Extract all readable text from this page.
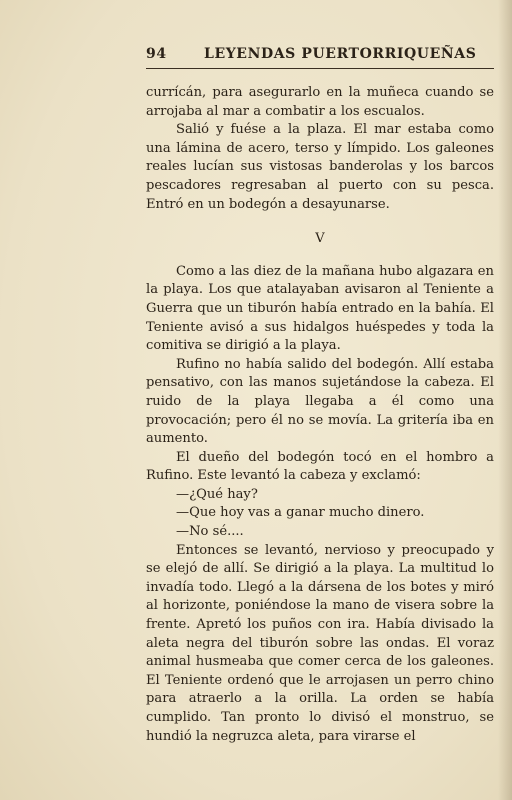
94	LEYENDAS PUERTORRIQUEÑAS

currícán, para asegurarlo en la muñeca cuando se arrojaba al mar a combatir a los escualos.

Salió y fuése a la plaza. El mar estaba como una lámina de acero, terso y límpido. Los galeones reales lucían sus vistosas banderolas y los barcos pescadores regresaban al puerto con su pesca. Entró en un bodegón a desayunarse.

V

Como a las diez de la mañana hubo algazara en la playa. Los que atalayaban avisaron al Teniente a Guerra que un tiburón había entrado en la bahía. El Teniente avisó a sus hidalgos huéspedes y toda la comitiva se dirigió a la playa.

Rufino no había salido del bodegón. Allí estaba pensativo, con las manos sujetándose la cabeza. El ruido de la playa llegaba a él como una provocación; pero él no se movía. La gritería iba en aumento.

El dueño del bodegón tocó en el hombro a Rufino. Este levantó la cabeza y exclamó:

—¿Qué hay?

—Que hoy vas a ganar mucho dinero.

—No sé....

Entonces se levantó, nervioso y preocupado y se elejó de allí. Se dirigió a la playa. La multitud lo invadía todo. Llegó a la dársena de los botes y miró al horizonte, poniéndose la mano de visera sobre la frente. Apretó los puños con ira. Había divisado la aleta negra del tiburón sobre las ondas. El voraz animal husmeaba que comer cerca de los galeones. El Teniente ordenó que le arrojasen un perro chino para atraerlo a la orilla. La orden se había cumplido. Tan pronto lo divisó el monstruo, se hundió la negruzca aleta, para virarse el
